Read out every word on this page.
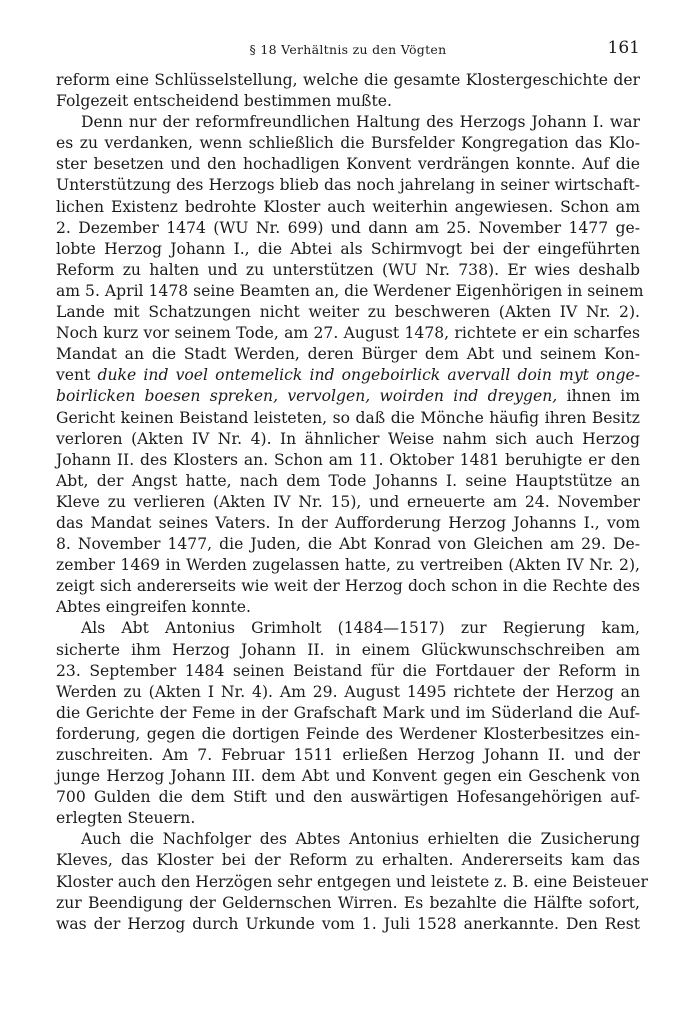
§ 18 Verhältnis zu den Vögten	161
reform eine Schlüsselstellung, welche die gesamte Klostergeschichte der
Folgezeit entscheidend bestimmen mußte.
Denn nur der reformfreundlichen Haltung des Herzogs Johann I. war
es zu verdanken, wenn schließlich die Bursfelder Kongregation das Klo-
ster besetzen und den hochadligen Konvent verdrängen konnte. Auf die
Unterstützung des Herzogs blieb das noch jahrelang in seiner wirtschaft-
lichen Existenz bedrohte Kloster auch weiterhin angewiesen. Schon am
2. Dezember 1474 (WU Nr. 699) und dann am 25. November 1477 ge-
lobte Herzog Johann I., die Abtei als Schirmvogt bei der eingeführten
Reform zu halten und zu unterstützen (WU Nr. 738). Er wies deshalb
am 5. April 1478 seine Beamten an, die Werdener Eigenhörigen in seinem
Lande mit Schatzungen nicht weiter zu beschweren (Akten IV Nr. 2).
Noch kurz vor seinem Tode, am 27. August 1478, richtete er ein scharfes
Mandat an die Stadt Werden, deren Bürger dem Abt und seinem Kon-
vent duke ind voel ontemelick ind ongeboirlick avervall doin myt onge-
boirlicken boesen spreken, vervolgen, woirden ind dreygen, ihnen im
Gericht keinen Beistand leisteten, so daß die Mönche häufig ihren Besitz
verloren (Akten IV Nr. 4). In ähnlicher Weise nahm sich auch Herzog
Johann II. des Klosters an. Schon am 11. Oktober 1481 beruhigte er den
Abt, der Angst hatte, nach dem Tode Johanns I. seine Hauptstütze an
Kleve zu verlieren (Akten IV Nr. 15), und erneuerte am 24. November
das Mandat seines Vaters. In der Aufforderung Herzog Johanns I., vom
8. November 1477, die Juden, die Abt Konrad von Gleichen am 29. De-
zember 1469 in Werden zugelassen hatte, zu vertreiben (Akten IV Nr. 2),
zeigt sich andererseits wie weit der Herzog doch schon in die Rechte des
Abtes eingreifen konnte.
Als Abt Antonius Grimholt (1484—1517) zur Regierung kam,
sicherte ihm Herzog Johann II. in einem Glückwunschschreiben am
23. September 1484 seinen Beistand für die Fortdauer der Reform in
Werden zu (Akten I Nr. 4). Am 29. August 1495 richtete der Herzog an
die Gerichte der Feme in der Grafschaft Mark und im Süderland die Auf-
forderung, gegen die dortigen Feinde des Werdener Klosterbesitzes ein-
zuschreiten. Am 7. Februar 1511 erließen Herzog Johann II. und der
junge Herzog Johann III. dem Abt und Konvent gegen ein Geschenk von
700 Gulden die dem Stift und den auswärtigen Hofesangehörigen auf-
erlegten Steuern.
Auch die Nachfolger des Abtes Antonius erhielten die Zusicherung
Kleves, das Kloster bei der Reform zu erhalten. Andererseits kam das
Kloster auch den Herzögen sehr entgegen und leistete z. B. eine Beisteuer
zur Beendigung der Geldernschen Wirren. Es bezahlte die Hälfte sofort,
was der Herzog durch Urkunde vom 1. Juli 1528 anerkannte. Den Rest
